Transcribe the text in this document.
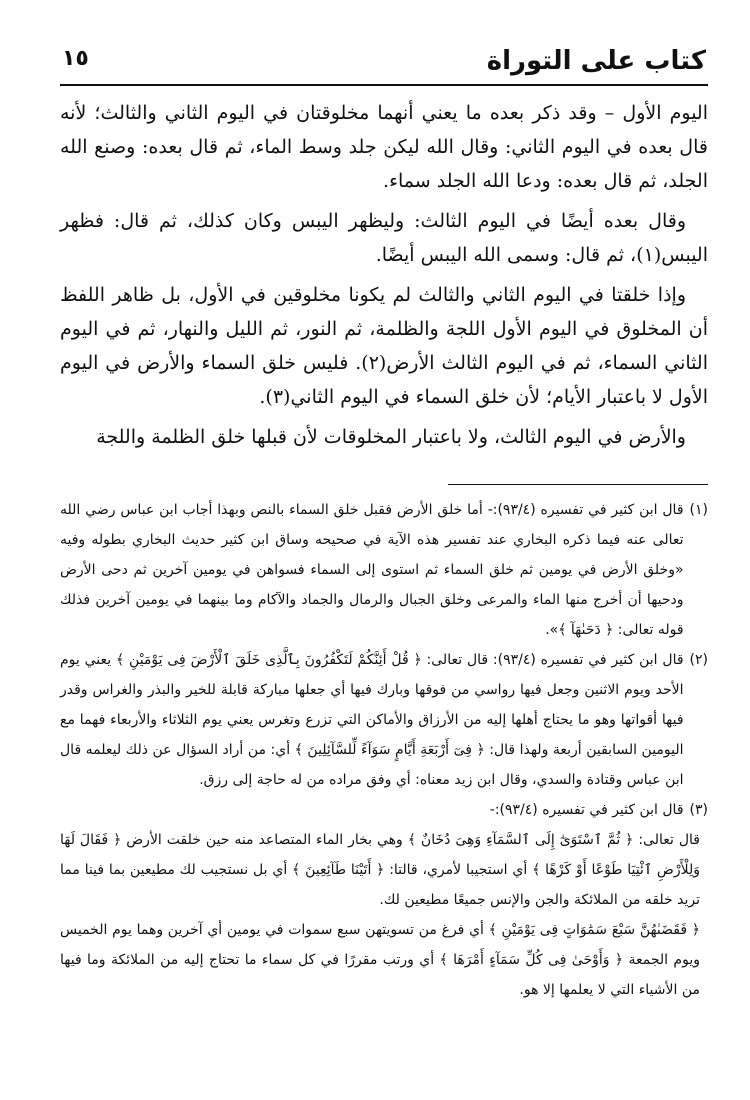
كتاب على التوراة
١٥

اليوم الأول – وقد ذكر بعده ما يعني أنهما مخلوقتان في اليوم الثاني والثالث؛ لأنه قال بعده في اليوم الثاني: وقال الله ليكن جلد وسط الماء، ثم قال بعده: وصنع الله الجلد، ثم قال بعده: ودعا الله الجلد سماء.

وقال بعده أيضًا في اليوم الثالث: وليظهر اليبس وكان كذلك، ثم قال: فظهر اليبس(١)، ثم قال: وسمى الله اليبس أيضًا.

وإذا خلقتا في اليوم الثاني والثالث لم يكونا مخلوقين في الأول، بل ظاهر اللفظ أن المخلوق في اليوم الأول اللجة والظلمة، ثم النور، ثم الليل والنهار، ثم في اليوم الثاني السماء، ثم في اليوم الثالث الأرض(٢). فليس خلق السماء والأرض في اليوم الأول لا باعتبار الأيام؛ لأن خلق السماء في اليوم الثاني(٣).

والأرض في اليوم الثالث، ولا باعتبار المخلوقات لأن قبلها خلق الظلمة واللجة

(١)
قال ابن كثير في تفسيره (٩٣/٤):- أما خلق الأرض فقبل خلق السماء بالنص وبهذا أجاب ابن عباس رضي الله تعالى عنه فيما ذكره البخاري عند تفسير هذه الآية في صحيحه وساق ابن كثير حديث البخاري بطوله وفيه «وخلق الأرض في يومين ثم خلق السماء ثم استوى إلى السماء فسواهن في يومين آخرين ثم دحى الأرض ودحيها أن أخرج منها الماء والمرعى وخلق الجبال والرمال والجماد والآكام وما بينهما في يومين آخرين فذلك قوله تعالى: ﴿ دَحَىٰهَآ ﴾».
(٢)
قال ابن كثير في تفسيره (٩٣/٤): قال تعالى: ﴿ قُلْ أَئِنَّكُمْ لَتَكْفُرُونَ بِٱلَّذِى خَلَقَ ٱلْأَرْضَ فِى يَوْمَيْنِ ﴾ يعني يوم الأحد ويوم الاثنين وجعل فيها رواسي من فوقها وبارك فيها أي جعلها مباركة قابلة للخير والبذر والغراس وقدر فيها أقواتها وهو ما يحتاج أهلها إليه من الأرزاق والأماكن التي تزرع وتغرس يعني يوم الثلاثاء والأربعاء فهما مع اليومين السابقين أربعة ولهذا قال: ﴿ فِىٓ أَرْبَعَةِ أَيَّامٍ سَوَآءً لِّلسَّآئِلِينَ ﴾ أي: من أراد السؤال عن ذلك ليعلمه قال ابن عباس وقتادة والسدي، وقال ابن زيد معناه: أي وفق مراده من له حاجة إلى رزق.
(٣)
قال ابن كثير في تفسيره (٩٣/٤):-

قال تعالى: ﴿ ثُمَّ ٱسْتَوَىٰٓ إِلَى ٱلسَّمَآءِ وَهِىَ دُخَانٌ ﴾ وهي بخار الماء المتصاعد منه حين خلقت الأرض ﴿ فَقَالَ لَهَا وَلِلْأَرْضِ ٱئْتِيَا طَوْعًا أَوْ كَرْهًا ﴾ أي استجيبا لأمري، قالتا: ﴿ أَتَيْنَا طَآئِعِينَ ﴾ أي بل نستجيب لك مطيعين بما فينا مما تريد خلقه من الملائكة والجن والإنس جميعًا مطيعين لك.

﴿ فَقَضَىٰهُنَّ سَبْعَ سَمَٰوَاتٍ فِى يَوْمَيْنِ ﴾ أي فرغ من تسويتهن سبع سموات في يومين أي آخرين وهما يوم الخميس ويوم الجمعة ﴿ وَأَوْحَىٰ فِى كُلِّ سَمَآءٍ أَمْرَهَا ﴾ أي ورتب مقررًا في كل سماء ما تحتاج إليه من الملائكة وما فيها من الأشياء التي لا يعلمها إلا هو.
